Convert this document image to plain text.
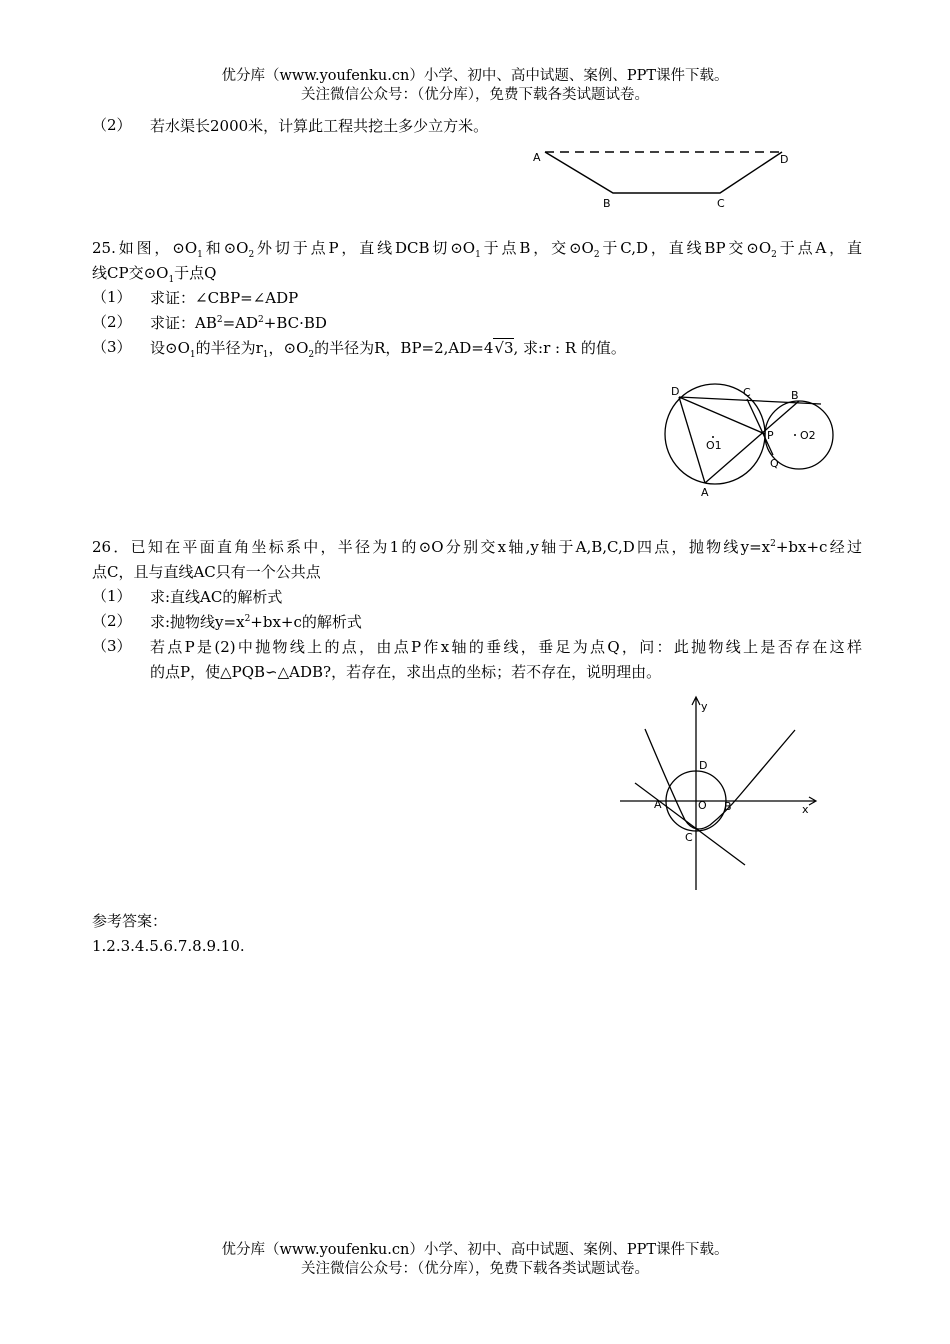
优分库（www.youfenku.cn）小学、初中、高中试题、案例、PPT课件下载。
关注微信公众号：（优分库），免费下载各类试题试卷。
（2） 若水渠长2000米，计算此工程共挖土多少立方米。
A
B	C
D
25.如图，$⊙O_1$和$⊙O_2$外切于点P，直线DCB切$⊙O_1$于点B，交$⊙O_2$于C,D，直线BP交$⊙O_2$于点A，直
线CP交$⊙O_1$于点Q
（1） 求证：∠CBP=∠ADP
（2） 求证：$AB^2=AD^2+BC\cdot BD$
（3） 设$⊙O_1$的半径为$r_1$，$⊙O_2$的半径为R，BP=2,AD=4√3, 求:r : R 的值。
D	C	B
P
Q
A
O1
O2
26．已知在平面直角坐标系中，半径为1的⊙O分别交x轴,y轴于A,B,C,D四点，抛物线$y=x^2+bx+c$经过
点C，且与直线AC只有一个公共点
（1） 求:直线AC的解析式
（2） 求:抛物线$y=x^2+bx+c$的解析式
（3） 若点P是(2)中抛物线上的点，由点P作x轴的垂线，垂足为点Q，问：此抛物线上是否存在这样
的点P，使△PQB∽△ADB?，若存在，求出点的坐标；若不存在，说明理由。
y
x
D
A	O B
C
参考答案：
1.2.3.4.5.6.7.8.9.10.
优分库（www.youfenku.cn）小学、初中、高中试题、案例、PPT课件下载。
关注微信公众号：（优分库），免费下载各类试题试卷。
